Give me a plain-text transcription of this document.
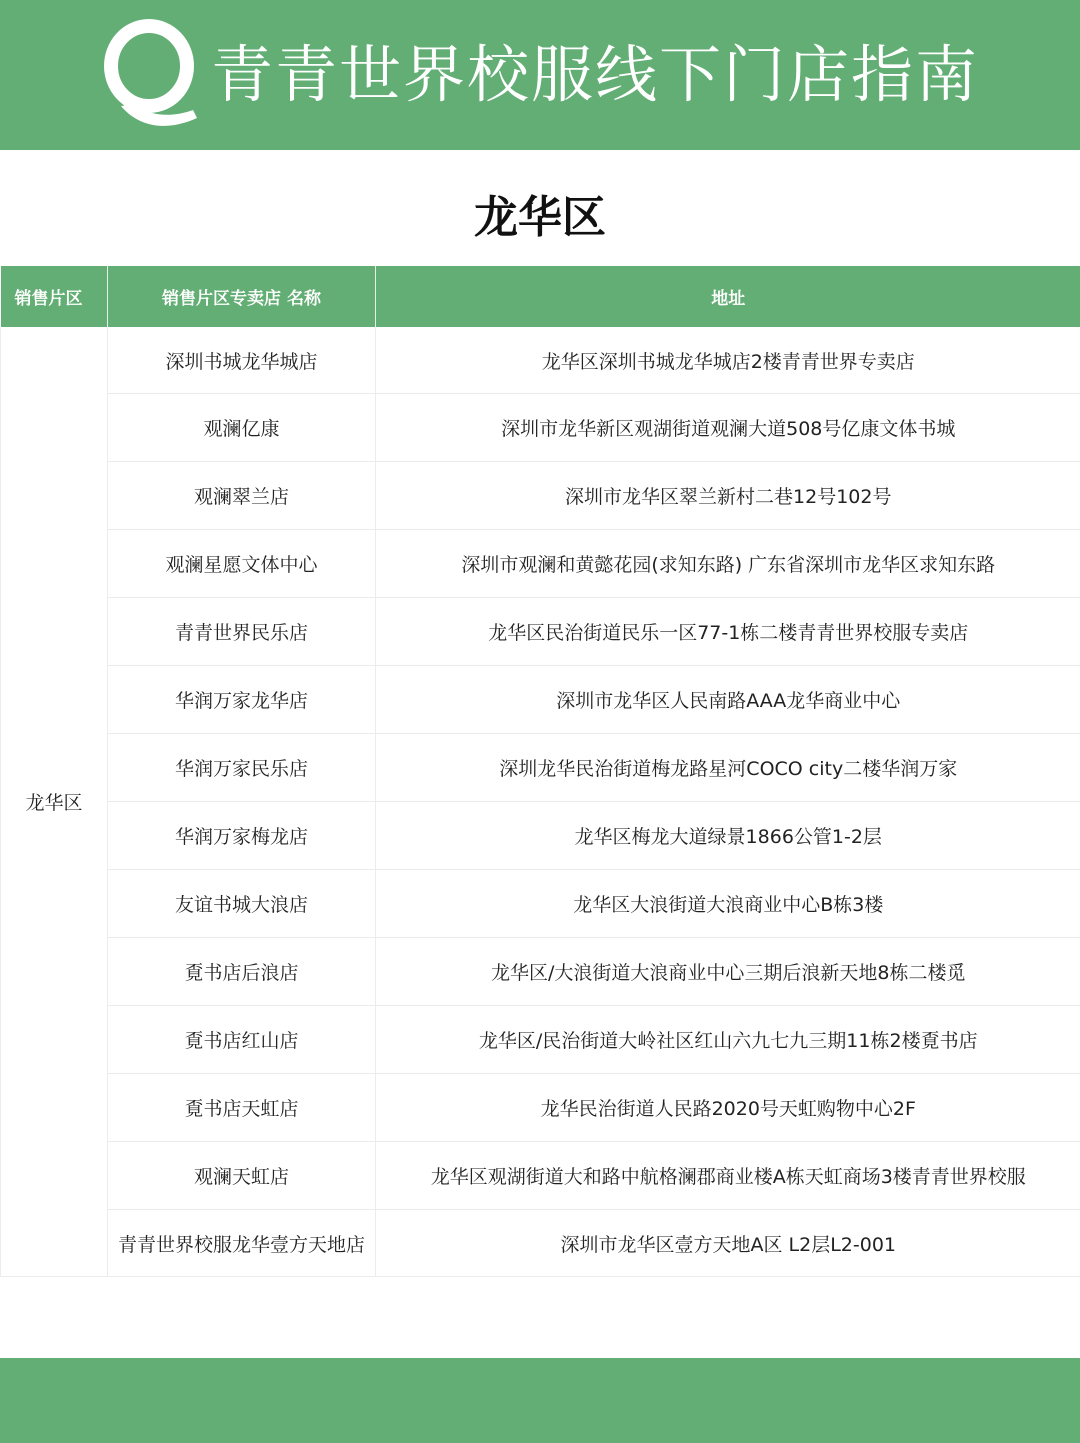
青青世界校服线下门店指南
龙华区
销售片区	销售片区专卖店 名称	地址
龙华区	深圳书城龙华城店	龙华区深圳书城龙华城店2楼青青世界专卖店
	观澜亿康	深圳市龙华新区观湖街道观澜大道508号亿康文体书城
	观澜翠兰店	深圳市龙华区翠兰新村二巷12号102号
	观澜星愿文体中心	深圳市观澜和黄懿花园(求知东路) 广东省深圳市龙华区求知东路
	青青世界民乐店	龙华区民治街道民乐一区77-1栋二楼青青世界校服专卖店
	华润万家龙华店	深圳市龙华区人民南路AAA龙华商业中心
	华润万家民乐店	深圳龙华民治街道梅龙路星河COCO city二楼华润万家
	华润万家梅龙店	龙华区梅龙大道绿景1866公管1-2层
	友谊书城大浪店	龙华区大浪街道大浪商业中心B栋3楼
	覔书店后浪店	龙华区/大浪街道大浪商业中心三期后浪新天地8栋二楼觅
	覔书店红山店	龙华区/民治街道大岭社区红山六九七九三期11栋2楼覔书店
	覔书店天虹店	龙华民治街道人民路2020号天虹购物中心2F
	观澜天虹店	龙华区观湖街道大和路中航格澜郡商业楼A栋天虹商场3楼青青世界校服
	青青世界校服龙华壹方天地店	深圳市龙华区壹方天地A区 L2层L2-001
